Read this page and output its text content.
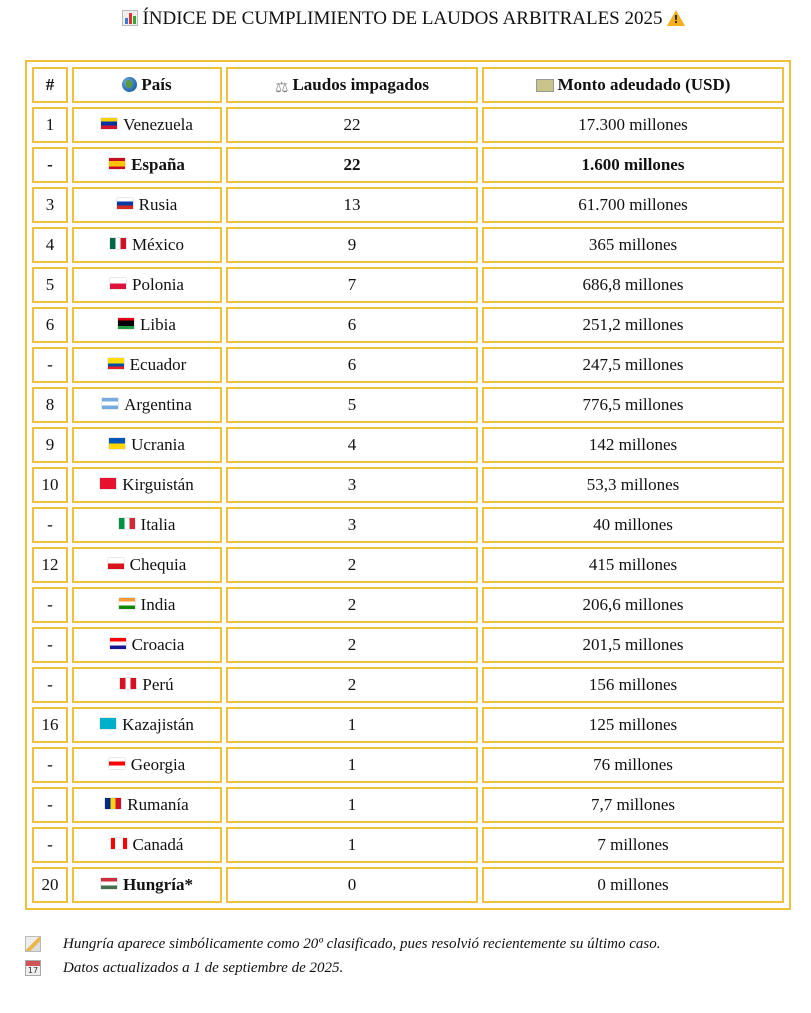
ÍNDICE DE CUMPLIMIENTO DE LAUDOS ARBITRALES 2025 !
#	País	⚖ Laudos impagados	Monto adeudado (USD)
1	Venezuela	22	17.300 millones
-	España	22	1.600 millones
3	Rusia	13	61.700 millones
4	México	9	365 millones
5	Polonia	7	686,8 millones
6	Libia	6	251,2 millones
-	Ecuador	6	247,5 millones
8	Argentina	5	776,5 millones
9	Ucrania	4	142 millones
10	Kirguistán	3	53,3 millones
-	Italia	3	40 millones
12	Chequia	2	415 millones
-	India	2	206,6 millones
-	Croacia	2	201,5 millones
-	Perú	2	156 millones
16	Kazajistán	1	125 millones
-	Georgia	1	76 millones
-	Rumanía	1	7,7 millones
-	Canadá	1	7 millones
20	Hungría*	0	0 millones
Hungría aparece simbólicamente como 20º clasificado, pues resolvió recientemente su último caso.
17 Datos actualizados a 1 de septiembre de 2025.
